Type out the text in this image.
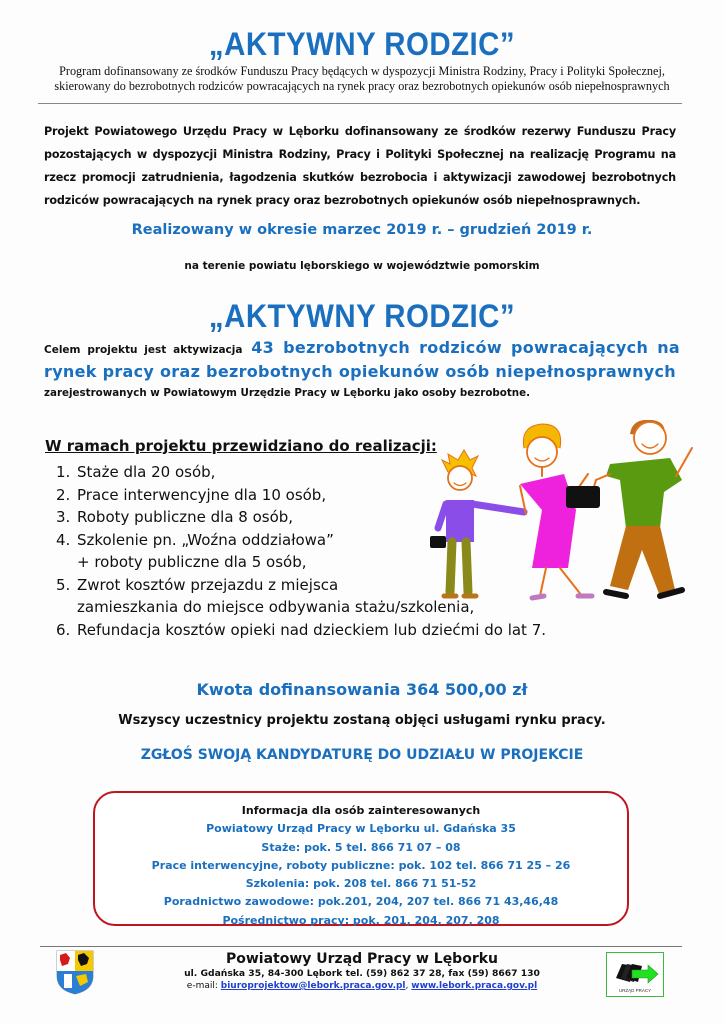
„AKTYWNY RODZIC”
Program dofinansowany ze środków Funduszu Pracy będących w dyspozycji Ministra Rodziny, Pracy i Polityki Społecznej,
skierowany do bezrobotnych rodziców powracających na rynek pracy oraz bezrobotnych opiekunów osób niepełnosprawnych
Projekt Powiatowego Urzędu Pracy w Lęborku dofinansowany ze środków rezerwy Funduszu Pracy pozostających w dyspozycji Ministra Rodziny, Pracy i Polityki Społecznej na realizację Programu na rzecz promocji zatrudnienia, łagodzenia skutków bezrobocia i aktywizacji zawodowej bezrobotnych rodziców powracających na rynek pracy oraz bezrobotnych opiekunów osób niepełnosprawnych.
Realizowany w okresie marzec 2019 r. – grudzień 2019 r.
na terenie powiatu lęborskiego w województwie pomorskim
„AKTYWNY RODZIC”
Celem projektu jest aktywizacja 43 bezrobotnych rodziców powracających na rynek pracy oraz bezrobotnych opiekunów osób niepełnosprawnych
zarejestrowanych w Powiatowym Urzędzie Pracy w Lęborku jako osoby bezrobotne.
W ramach projektu przewidziano do realizacji:
1. Staże dla 20 osób,
2. Prace interwencyjne dla 10 osób,
3. Roboty publiczne dla 8 osób,
4. Szkolenie pn. „Woźna oddziałowa”
+ roboty publiczne dla 5 osób,
5. Zwrot kosztów przejazdu z miejsca
zamieszkania do miejsce odbywania stażu/szkolenia,
6. Refundacja kosztów opieki nad dzieckiem lub dziećmi do lat 7.
Kwota dofinansowania 364 500,00 zł
Wszyscy uczestnicy projektu zostaną objęci usługami rynku pracy.
ZGŁOŚ SWOJĄ KANDYDATURĘ DO UDZIAŁU W PROJEKCIE
Informacja dla osób zainteresowanych
Powiatowy Urząd Pracy w Lęborku ul. Gdańska 35
Staże: pok. 5 tel. 866 71 07 – 08
Prace interwencyjne, roboty publiczne: pok. 102 tel. 866 71 25 – 26
Szkolenia: pok. 208 tel. 866 71 51-52
Poradnictwo zawodowe: pok.201, 204, 207 tel. 866 71 43,46,48
Pośrednictwo pracy: pok. 201, 204, 207, 208
Powiatowy Urząd Pracy w Lęborku
ul. Gdańska 35, 84-300 Lębork tel. (59) 862 37 28, fax (59) 8667 130
e-mail: biuroprojektow@lebork.praca.gov.pl, www.lebork.praca.gov.pl	URZĄD PRACY
